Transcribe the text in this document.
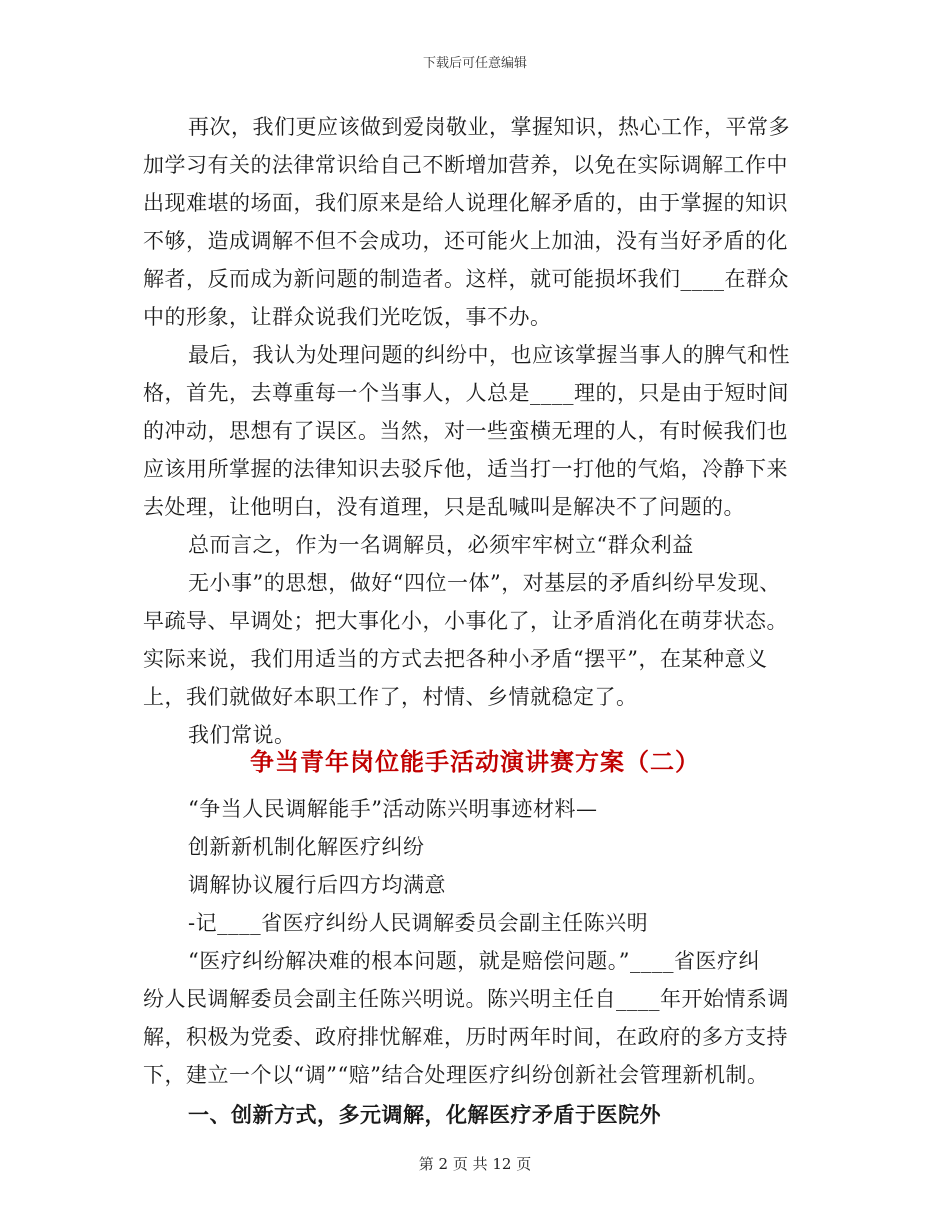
下载后可任意编辑
再次，我们更应该做到爱岗敬业，掌握知识，热心工作，平常多
加学习有关的法律常识给自己不断增加营养，以免在实际调解工作中
出现难堪的场面，我们原来是给人说理化解矛盾的，由于掌握的知识
不够，造成调解不但不会成功，还可能火上加油，没有当好矛盾的化
解者，反而成为新问题的制造者。这样，就可能损坏我们____在群众
中的形象，让群众说我们光吃饭，事不办。
最后，我认为处理问题的纠纷中，也应该掌握当事人的脾气和性
格，首先，去尊重每一个当事人，人总是____理的，只是由于短时间
的冲动，思想有了误区。当然，对一些蛮横无理的人，有时候我们也
应该用所掌握的法律知识去驳斥他，适当打一打他的气焰，冷静下来
去处理，让他明白，没有道理，只是乱喊叫是解决不了问题的。
总而言之，作为一名调解员，必须牢牢树立“群众利益
无小事”的思想，做好“四位一体”，对基层的矛盾纠纷早发现、
早疏导、早调处；把大事化小，小事化了，让矛盾消化在萌芽状态。
实际来说，我们用适当的方式去把各种小矛盾“摆平”，在某种意义
上，我们就做好本职工作了，村情、乡情就稳定了。
我们常说。
争当青年岗位能手活动演讲赛方案（二）
“争当人民调解能手”活动陈兴明事迹材料—
创新新机制化解医疗纠纷
调解协议履行后四方均满意
-记____省医疗纠纷人民调解委员会副主任陈兴明
“医疗纠纷解决难的根本问题，就是赔偿问题。”____省医疗纠
纷人民调解委员会副主任陈兴明说。陈兴明主任自____年开始情系调
解，积极为党委、政府排忧解难，历时两年时间，在政府的多方支持
下，建立一个以“调”“赔”结合处理医疗纠纷创新社会管理新机制。
一、创新方式，多元调解，化解医疗矛盾于医院外
第 2 页 共 12 页
